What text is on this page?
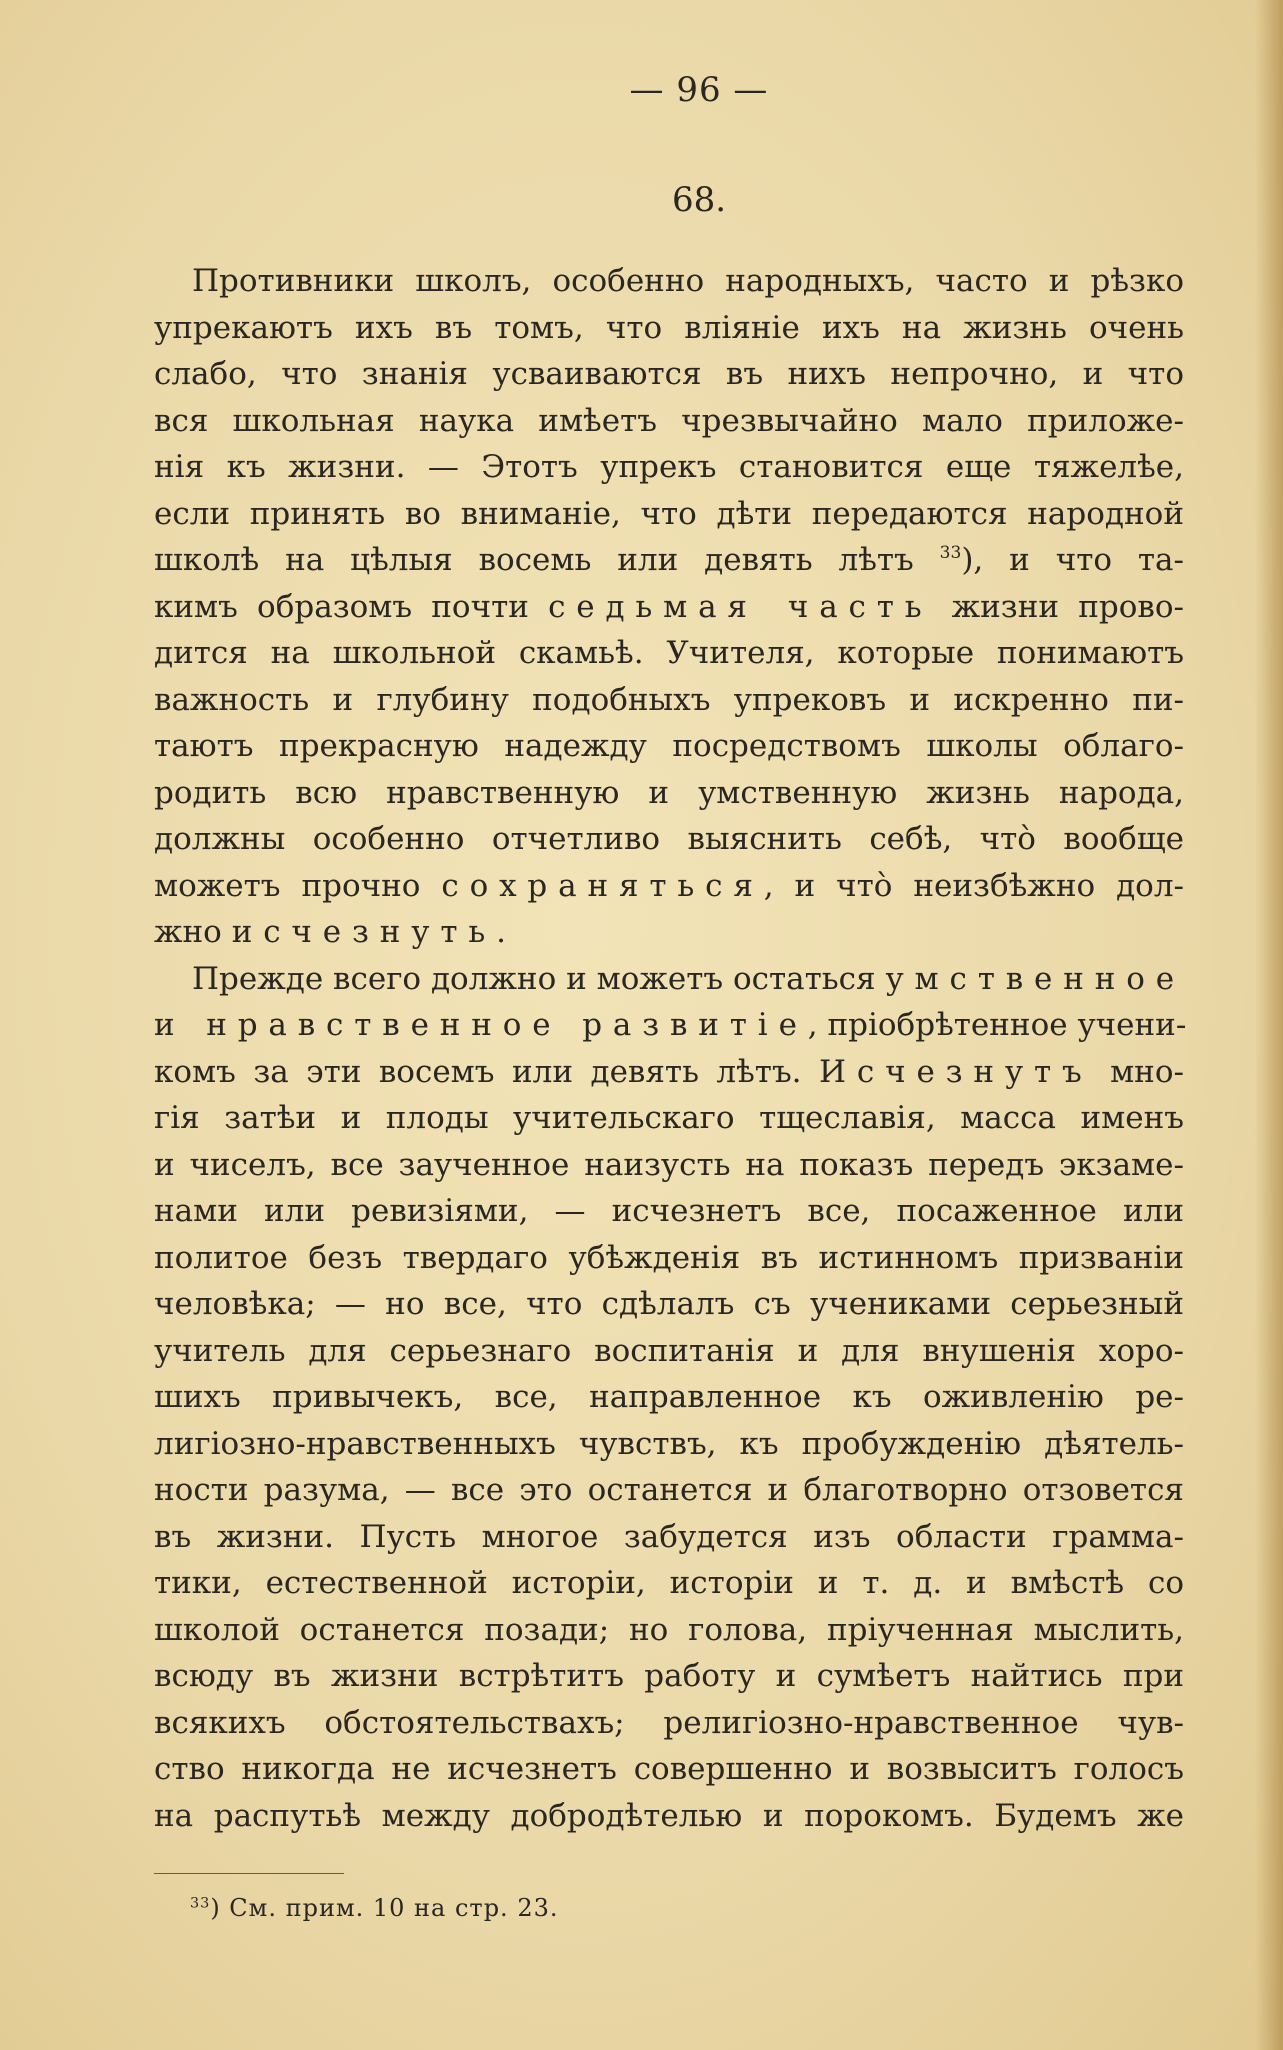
— 96 —
68.
Противники школъ, особенно народныхъ, часто и рѣзко
упрекаютъ ихъ въ томъ, что вліяніе ихъ на жизнь очень
слабо, что знанія усваиваются въ нихъ непрочно, и что
вся школьная наука имѣетъ чрезвычайно мало приложе-
нія къ жизни. — Этотъ упрекъ становится еще тяжелѣе,
если принять во вниманіе, что дѣти передаются народной
школѣ на цѣлыя восемь или девять лѣтъ $^{33}$), и что та-
кимъ образомъ почти седьмая часть жизни прово-
дится на школьной скамьѣ. Учителя, которые понимаютъ
важность и глубину подобныхъ упрековъ и искренно пи-
таютъ прекрасную надежду посредствомъ школы облаго-
родить всю нравственную и умственную жизнь народа,
должны особенно отчетливо выяснить себѣ, что̀ вообще
можетъ прочно сохраняться, и что̀ неизбѣжно дол-
жно исчезнуть.
Прежде всего должно и можетъ остаться умственное
и нравственное развитіе, пріобрѣтенное учени-
комъ за эти восемъ или девять лѣтъ. Исчезнутъ мно-
гія затѣи и плоды учительскаго тщеславія, масса именъ
и чиселъ, все заученное наизусть на показъ передъ экзаме-
нами или ревизіями, — исчезнетъ все, посаженное или
политое безъ твердаго убѣжденія въ истинномъ призваніи
человѣка; — но все, что сдѣлалъ съ учениками серьезный
учитель для серьезнаго воспитанія и для внушенія хоро-
шихъ привычекъ, все, направленное къ оживленію ре-
лигіозно-нравственныхъ чувствъ, къ пробужденію дѣятель-
ности разума, — все это останется и благотворно отзовется
въ жизни. Пусть многое забудется изъ области грамма-
тики, естественной исторіи, исторіи и т. д. и вмѣстѣ со
школой останется позади; но голова, пріученная мыслить,
всюду въ жизни встрѣтитъ работу и сумѣетъ найтись при
всякихъ обстоятельствахъ; религіозно-нравственное чув-
ство никогда не исчезнетъ совершенно и возвыситъ голосъ
на распутьѣ между добродѣтелью и порокомъ. Будемъ же
$^{33}$) См. прим. 10 на стр. 23.
